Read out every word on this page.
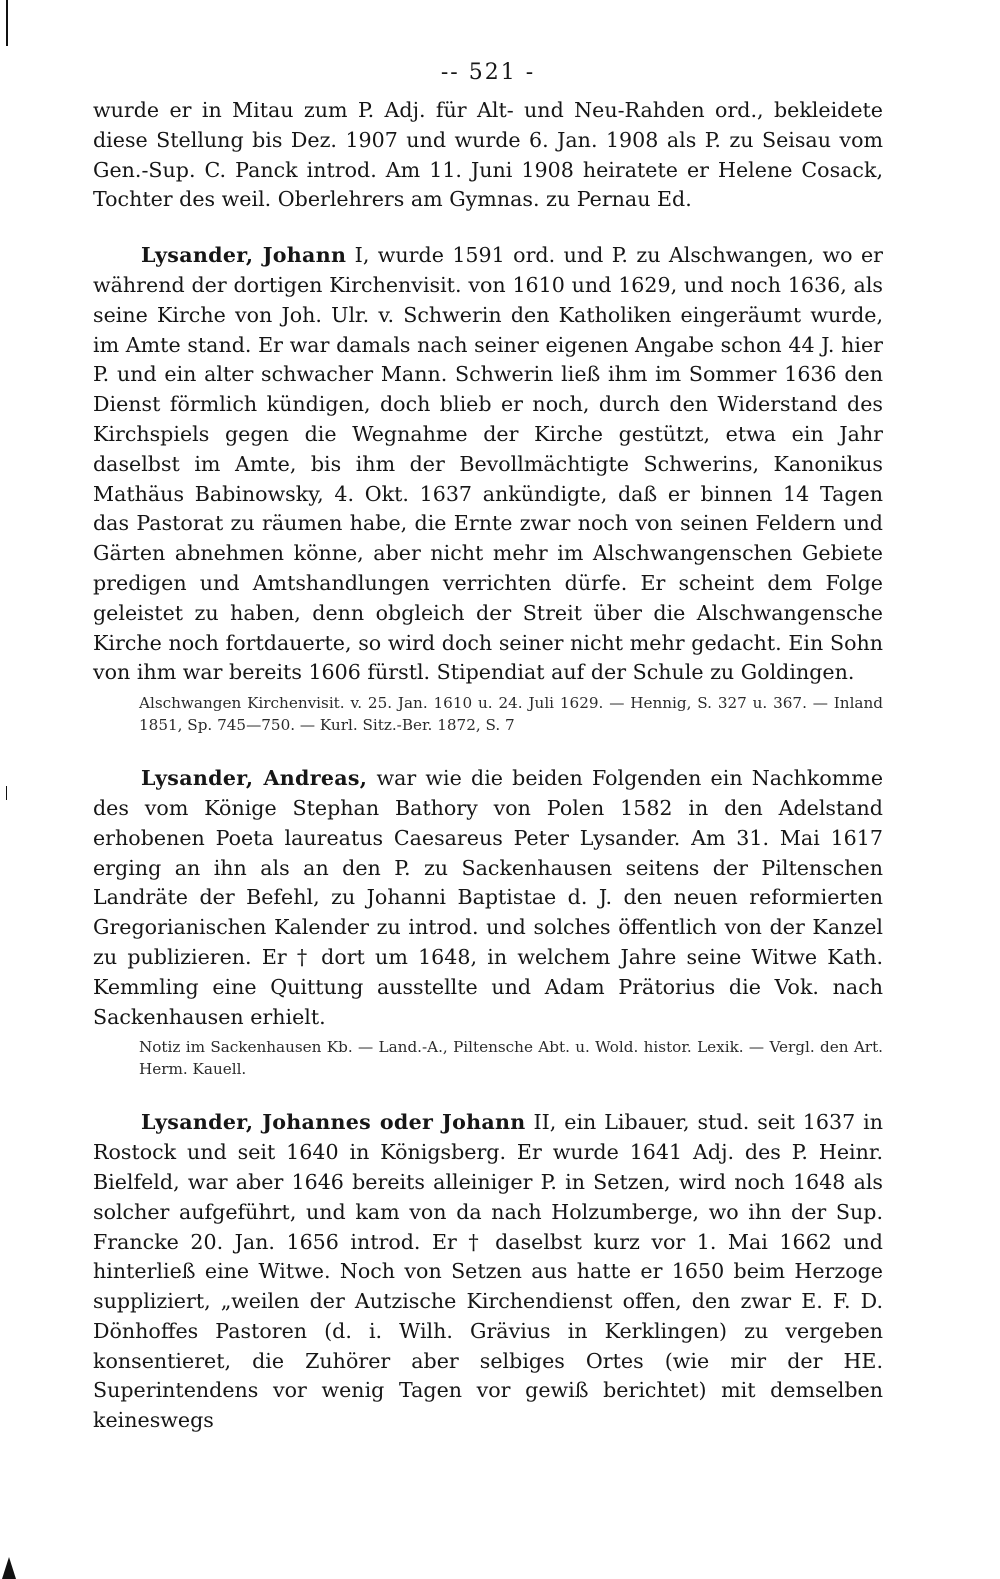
-- 521 -

wurde er in Mitau zum P. Adj. für Alt- und Neu-Rahden ord., bekleidete diese Stellung bis Dez. 1907 und wurde 6. Jan. 1908 als P. zu Seisau vom Gen.-Sup. C. Panck introd. Am 11. Juni 1908 heiratete er Helene Cosack, Tochter des weil. Oberlehrers am Gymnas. zu Pernau Ed.

Lysander, Johann I, wurde 1591 ord. und P. zu Alschwangen, wo er während der dortigen Kirchenvisit. von 1610 und 1629, und noch 1636, als seine Kirche von Joh. Ulr. v. Schwerin den Katholiken eingeräumt wurde, im Amte stand. Er war damals nach seiner eigenen Angabe schon 44 J. hier P. und ein alter schwacher Mann. Schwerin ließ ihm im Sommer 1636 den Dienst förmlich kündigen, doch blieb er noch, durch den Widerstand des Kirchspiels gegen die Wegnahme der Kirche gestützt, etwa ein Jahr daselbst im Amte, bis ihm der Bevollmächtigte Schwerins, Kanonikus Mathäus Babinowsky, 4. Okt. 1637 ankündigte, daß er binnen 14 Tagen das Pastorat zu räumen habe, die Ernte zwar noch von seinen Feldern und Gärten abnehmen könne, aber nicht mehr im Alschwangenschen Gebiete predigen und Amtshandlungen verrichten dürfe. Er scheint dem Folge geleistet zu haben, denn obgleich der Streit über die Alschwangensche Kirche noch fortdauerte, so wird doch seiner nicht mehr gedacht. Ein Sohn von ihm war bereits 1606 fürstl. Stipendiat auf der Schule zu Goldingen.

Alschwangen Kirchenvisit. v. 25. Jan. 1610 u. 24. Juli 1629. — Hennig, S. 327 u. 367. — Inland 1851, Sp. 745—750. — Kurl. Sitz.-Ber. 1872, S. 7

Lysander, Andreas, war wie die beiden Folgenden ein Nachkomme des vom Könige Stephan Bathory von Polen 1582 in den Adelstand erhobenen Poeta laureatus Caesareus Peter Lysander. Am 31. Mai 1617 erging an ihn als an den P. zu Sackenhausen seitens der Piltenschen Landräte der Befehl, zu Johanni Baptistae d. J. den neuen reformierten Gregorianischen Kalender zu introd. und solches öffentlich von der Kanzel zu publizieren. Er † dort um 1648, in welchem Jahre seine Witwe Kath. Kemmling eine Quittung ausstellte und Adam Prätorius die Vok. nach Sackenhausen erhielt.

Notiz im Sackenhausen Kb. — Land.-A., Piltensche Abt. u. Wold. histor. Lexik. — Vergl. den Art. Herm. Kauell.

Lysander, Johannes oder Johann II, ein Libauer, stud. seit 1637 in Rostock und seit 1640 in Königsberg. Er wurde 1641 Adj. des P. Heinr. Bielfeld, war aber 1646 bereits alleiniger P. in Setzen, wird noch 1648 als solcher aufgeführt, und kam von da nach Holzumberge, wo ihn der Sup. Francke 20. Jan. 1656 introd. Er † daselbst kurz vor 1. Mai 1662 und hinterließ eine Witwe. Noch von Setzen aus hatte er 1650 beim Herzoge suppliziert, „weilen der Autzische Kirchendienst offen, den zwar E. F. D. Dönhoffes Pastoren (d. i. Wilh. Grävius in Kerklingen) zu vergeben konsentieret, die Zuhörer aber selbiges Ortes (wie mir der HE. Superintendens vor wenig Tagen vor gewiß berichtet) mit demselben keineswegs
